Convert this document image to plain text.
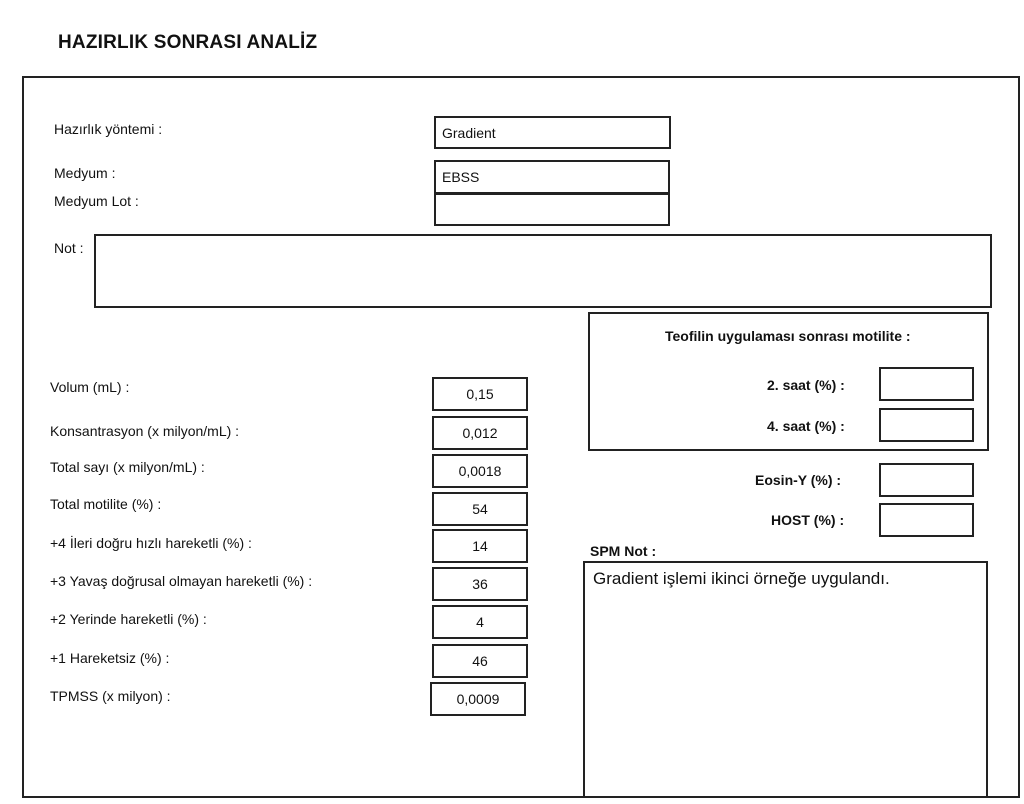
HAZIRLIK SONRASI ANALİZ
Hazırlık yöntemi :	Gradient
Medyum :	EBSS
Medyum Lot :
Not :
Volum (mL) :	0,15
Konsantrasyon (x milyon/mL) :	0,012
Total sayı (x milyon/mL) :	0,0018
Total motilite (%) :	54
+4 İleri doğru hızlı hareketli (%) :	14
+3 Yavaş doğrusal olmayan hareketli (%) :	36
+2 Yerinde hareketli (%) :	4
+1 Hareketsiz (%) :	46
TPMSS (x milyon) :	0,0009
Teofilin uygulaması sonrası motilite :
2. saat (%) :
4. saat (%) :
Eosin-Y (%) :
HOST (%) :
SPM Not :
Gradient işlemi ikinci örneğe uygulandı.
